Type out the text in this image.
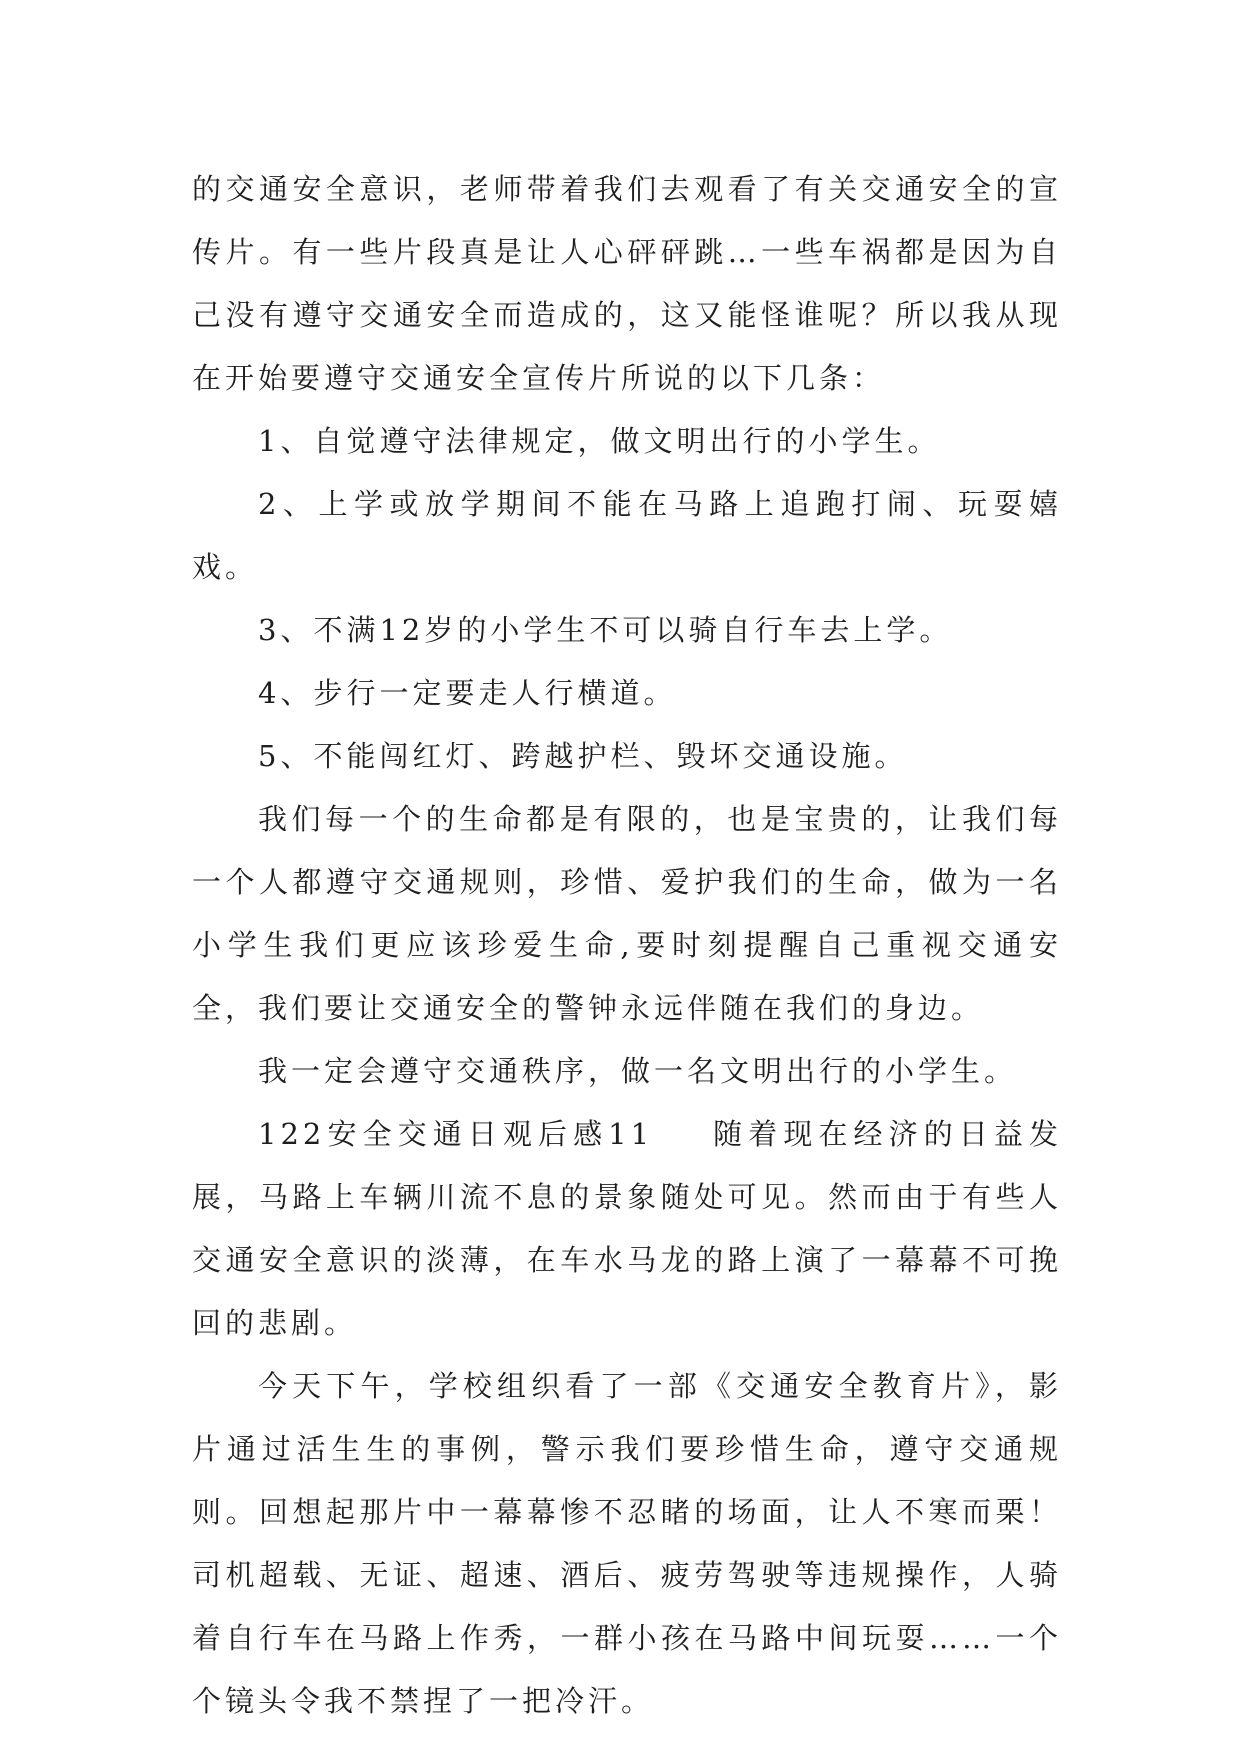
的交通安全意识，老师带着我们去观看了有关交通安全的宣传片。有一些片段真是让人心砰砰跳…一些车祸都是因为自己没有遵守交通安全而造成的，这又能怪谁呢？所以我从现在开始要遵守交通安全宣传片所说的以下几条：

1、自觉遵守法律规定，做文明出行的小学生。

2、上学或放学期间不能在马路上追跑打闹、玩耍嬉戏。

3、不满12岁的小学生不可以骑自行车去上学。

4、步行一定要走人行横道。

5、不能闯红灯、跨越护栏、毁坏交通设施。

我们每一个的生命都是有限的，也是宝贵的，让我们每一个人都遵守交通规则，珍惜、爱护我们的生命，做为一名小学生我们更应该珍爱生命,要时刻提醒自己重视交通安全，我们要让交通安全的警钟永远伴随在我们的身边。

我一定会遵守交通秩序，做一名文明出行的小学生。

122安全交通日观后感11 随着现在经济的日益发展，马路上车辆川流不息的景象随处可见。然而由于有些人交通安全意识的淡薄，在车水马龙的路上演了一幕幕不可挽回的悲剧。

今天下午，学校组织看了一部《交通安全教育片》，影片通过活生生的事例，警示我们要珍惜生命，遵守交通规则。回想起那片中一幕幕惨不忍睹的场面，让人不寒而栗！司机超载、无证、超速、酒后、疲劳驾驶等违规操作，人骑着自行车在马路上作秀，一群小孩在马路中间玩耍……一个个镜头令我不禁捏了一把冷汗。
